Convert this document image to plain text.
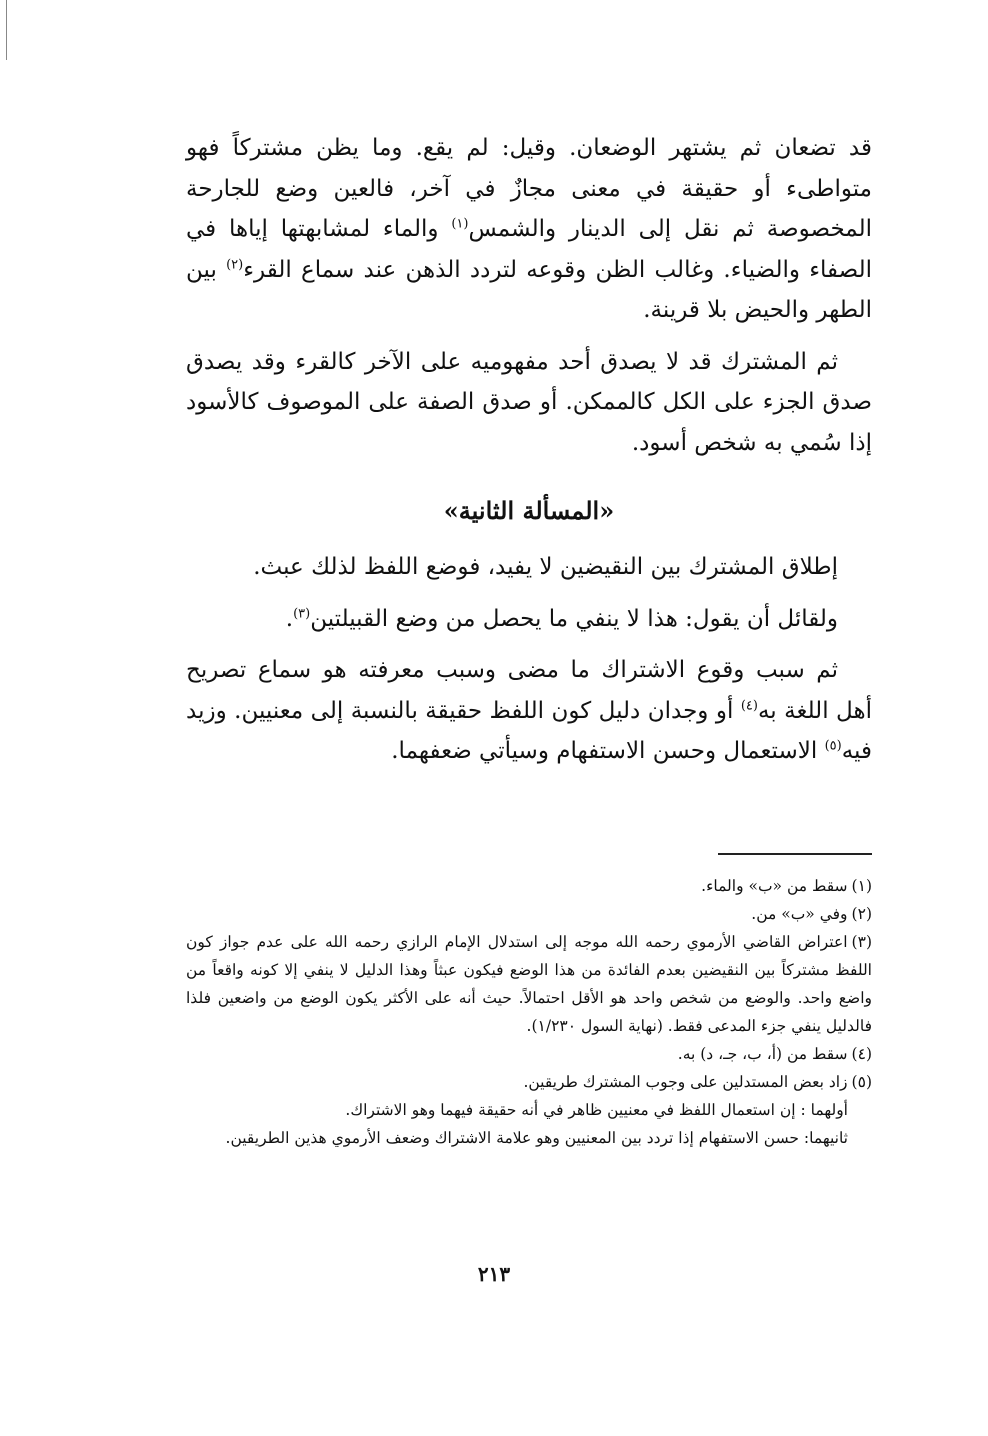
قد تضعان ثم يشتهر الوضعان. وقيل: لم يقع. وما يظن مشتركاً فهو متواطىء أو حقيقة في معنى مجازٌ في آخر، فالعين وضع للجارحة المخصوصة ثم نقل إلى الدينار والشمس$^{(١)}$ والماء لمشابهتها إياها في الصفاء والضياء. وغالب الظن وقوعه لتردد الذهن عند سماع القرء$^{(٢)}$ بين الطهر والحيض بلا قرينة.

ثم المشترك قد لا يصدق أحد مفهوميه على الآخر كالقرء وقد يصدق صدق الجزء على الكل كالممكن. أو صدق الصفة على الموصوف كالأسود إذا سُمي به شخص أسود.

«المسألة الثانية»

إطلاق المشترك بين النقيضين لا يفيد، فوضع اللفظ لذلك عبث.

ولقائل أن يقول: هذا لا ينفي ما يحصل من وضع القبيلتين$^{(٣)}$.

ثم سبب وقوع الاشتراك ما مضى وسبب معرفته هو سماع تصريح أهل اللغة به$^{(٤)}$ أو وجدان دليل كون اللفظ حقيقة بالنسبة إلى معنيين. وزيد فيه$^{(٥)}$ الاستعمال وحسن الاستفهام وسيأتي ضعفهما.

(١)سقط من «ب» والماء.

(٢)وفي «ب» من.

(٣)اعتراض القاضي الأرموي رحمه الله موجه إلى استدلال الإمام الرازي رحمه الله على عدم جواز كون اللفظ مشتركاً بين النقيضين بعدم الفائدة من هذا الوضع فيكون عبثاً وهذا الدليل لا ينفي إلا كونه واقعاً من واضع واحد. والوضع من شخص واحد هو الأقل احتمالاً. حيث أنه على الأكثر يكون الوضع من واضعين فلذا فالدليل ينفي جزء المدعى فقط. (نهاية السول ١/٢٣٠).

(٤)سقط من (أ، ب، جـ، د) به.

(٥)زاد بعض المستدلين على وجوب المشترك طريقين.

أولهما : إن استعمال اللفظ في معنيين ظاهر في أنه حقيقة فيهما وهو الاشتراك.

ثانيهما: حسن الاستفهام إذا تردد بين المعنيين وهو علامة الاشتراك وضعف الأرموي هذين الطريقين.

٢١٣
